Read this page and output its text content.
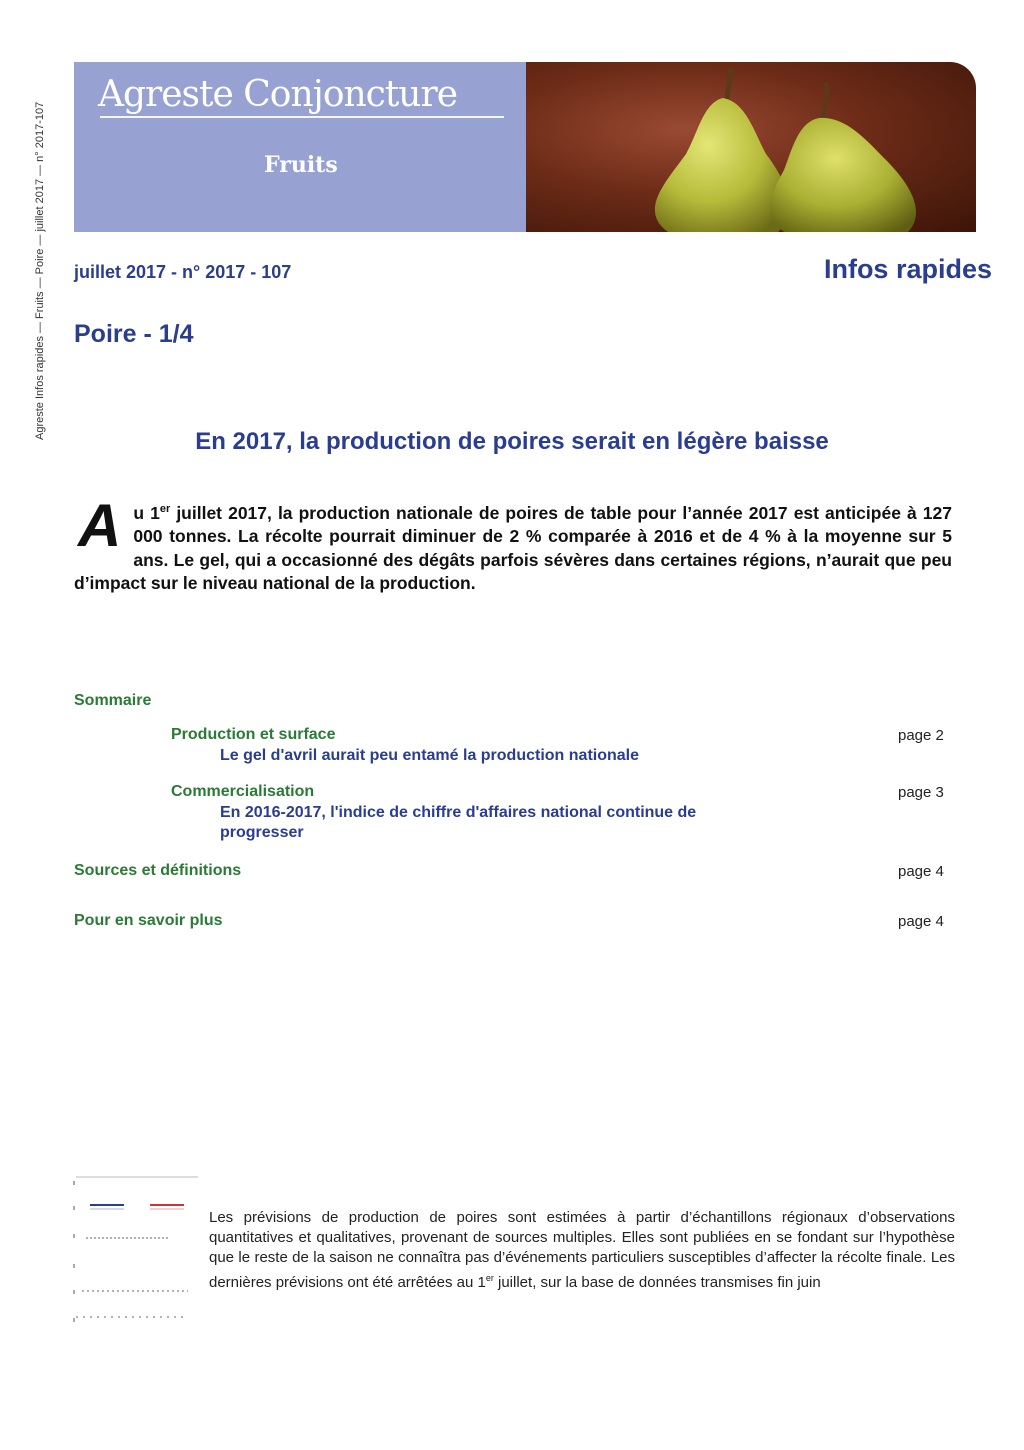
Agreste Infos rapides — Fruits — Poire — juillet 2017 — n° 2017-107
Agreste Conjoncture
Fruits
juillet 2017 - n° 2017 - 107	Infos rapides
Poire - 1/4
En 2017, la production de poires serait en légère baisse
Au 1er juillet 2017, la production nationale de poires de table pour l’année 2017 est anticipée à 127 000 tonnes. La récolte pourrait diminuer de 2 % comparée à 2016 et de 4 % à la moyenne sur 5 ans. Le gel, qui a occasionné des dégâts parfois sévères dans certaines régions, n’aurait que peu d’impact sur le niveau national de la production.
Sommaire
Production et surface
Le gel d'avril aurait peu entamé la production nationale
page 2
Commercialisation
En 2016-2017, l'indice de chiffre d'affaires national continue de progresser
page 3
Sources et définitions	page 4
Pour en savoir plus	page 4
Les prévisions de production de poires sont estimées à partir d’échantillons régionaux d’observations quantitatives et qualitatives, provenant de sources multiples. Elles sont publiées en se fondant sur l’hypothèse que le reste de la saison ne connaîtra pas d’événements particuliers susceptibles d’affecter la récolte finale. Les dernières prévisions ont été arrêtées au 1er juillet, sur la base de données transmises fin juin
